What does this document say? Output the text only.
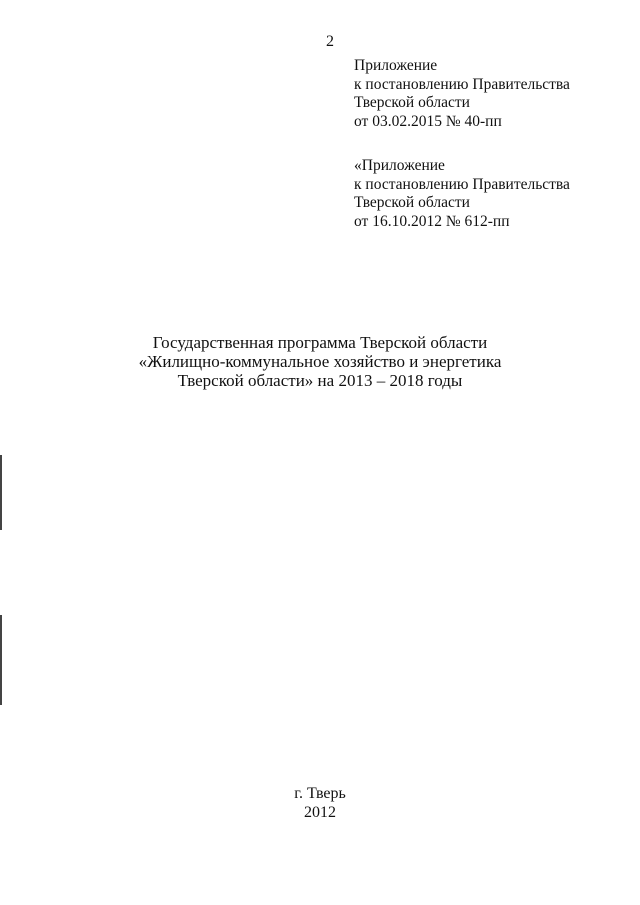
2
Приложение
к постановлению Правительства
Тверской области
от 03.02.2015 № 40-пп
«Приложение
к постановлению Правительства
Тверской области
от 16.10.2012 № 612-пп
Государственная программа Тверской области
«Жилищно-коммунальное хозяйство и энергетика
Тверской области» на 2013 – 2018 годы
г. Тверь
2012
